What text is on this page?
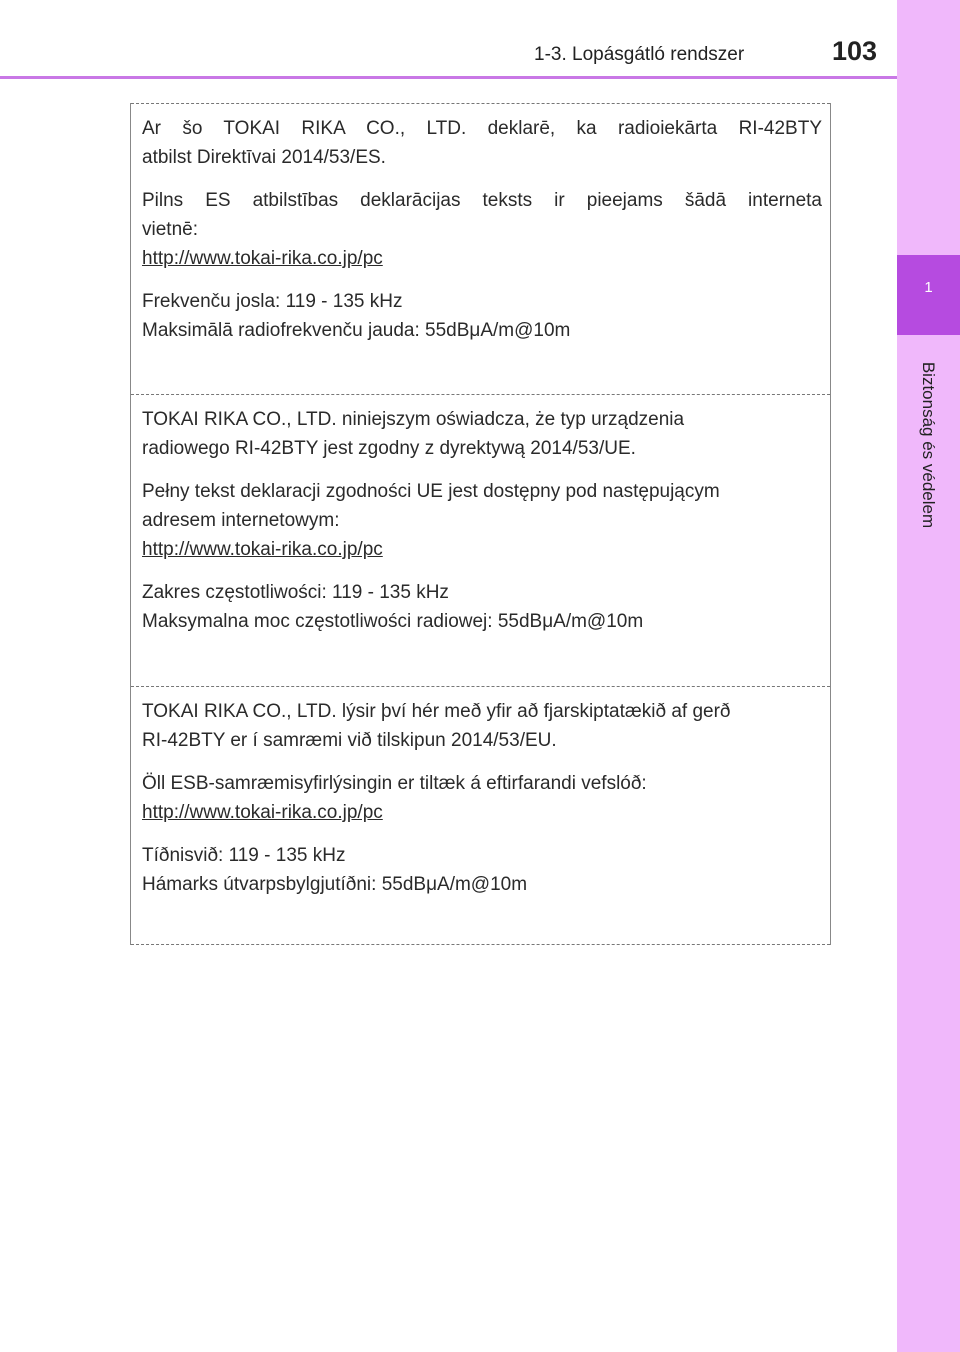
1-3. Lopásgátló rendszer	103
1
Biztonság és védelem

Ar šo TOKAI RIKA CO., LTD. deklarē, ka radioiekārta RI-42BTY
atbilst Direktīvai 2014/53/ES.

Pilns ES atbilstības deklarācijas teksts ir pieejams šādā interneta
vietnē:
http://www.tokai-rika.co.jp/pc

Frekvenču josla: 119 - 135 kHz
Maksimālā radiofrekvenču jauda: 55dBμA/m@10m

TOKAI RIKA CO., LTD. niniejszym oświadcza, że typ urządzenia
radiowego RI-42BTY jest zgodny z dyrektywą 2014/53/UE.

Pełny tekst deklaracji zgodności UE jest dostępny pod następującym
adresem internetowym:
http://www.tokai-rika.co.jp/pc

Zakres częstotliwości: 119 - 135 kHz
Maksymalna moc częstotliwości radiowej: 55dBμA/m@10m

TOKAI RIKA CO., LTD. lýsir því hér með yfir að fjarskiptatækið af gerð
RI-42BTY er í samræmi við tilskipun 2014/53/EU.

Öll ESB-samræmisyfirlýsingin er tiltæk á eftirfarandi vefslóð:
http://www.tokai-rika.co.jp/pc

Tíðnisvið: 119 - 135 kHz
Hámarks útvarpsbylgjutíðni: 55dBμA/m@10m
